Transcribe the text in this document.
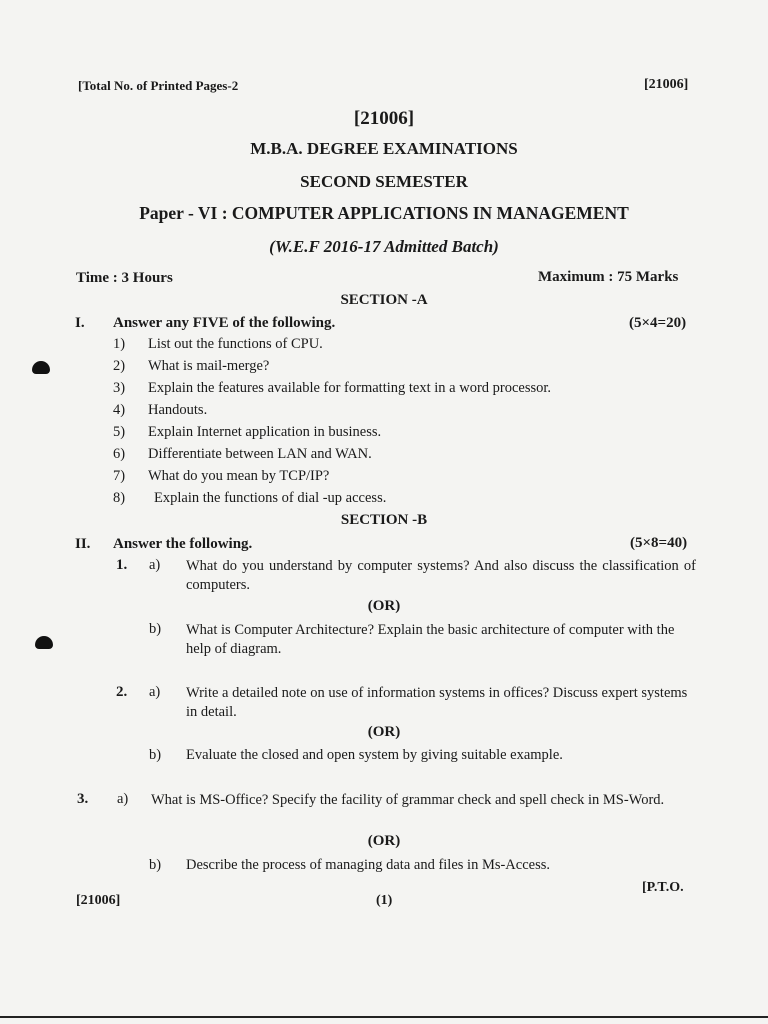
[Total No. of Printed Pages-2	[21006]
[21006]
M.B.A. DEGREE EXAMINATIONS
SECOND SEMESTER
Paper - VI : COMPUTER APPLICATIONS IN MANAGEMENT
(W.E.F 2016-17 Admitted Batch)
Time : 3 Hours	Maximum : 75 Marks
SECTION -A
I. Answer any FIVE of the following.	(5×4=20)
1) List out the functions of CPU.
2) What is mail-merge?
3) Explain the features available for formatting text in a word processor.
4) Handouts.
5) Explain Internet application in business.
6) Differentiate between LAN and WAN.
7) What do you mean by TCP/IP?
8) Explain the functions of dial -up access.
SECTION -B
II. Answer the following.	(5×8=40)
1. a) What do you understand by computer systems? And also discuss the classification of computers.
(OR)
b) What is Computer Architecture? Explain the basic architecture of computer with the help of diagram.
2. a) Write a detailed note on use of information systems in offices? Discuss expert systems in detail.
(OR)
b) Evaluate the closed and open system by giving suitable example.
3. a) What is MS-Office? Specify the facility of grammar check and spell check in MS-Word.
(OR)
b) Describe the process of managing data and files in Ms-Access.
[P.T.O.
[21006]	(1)
